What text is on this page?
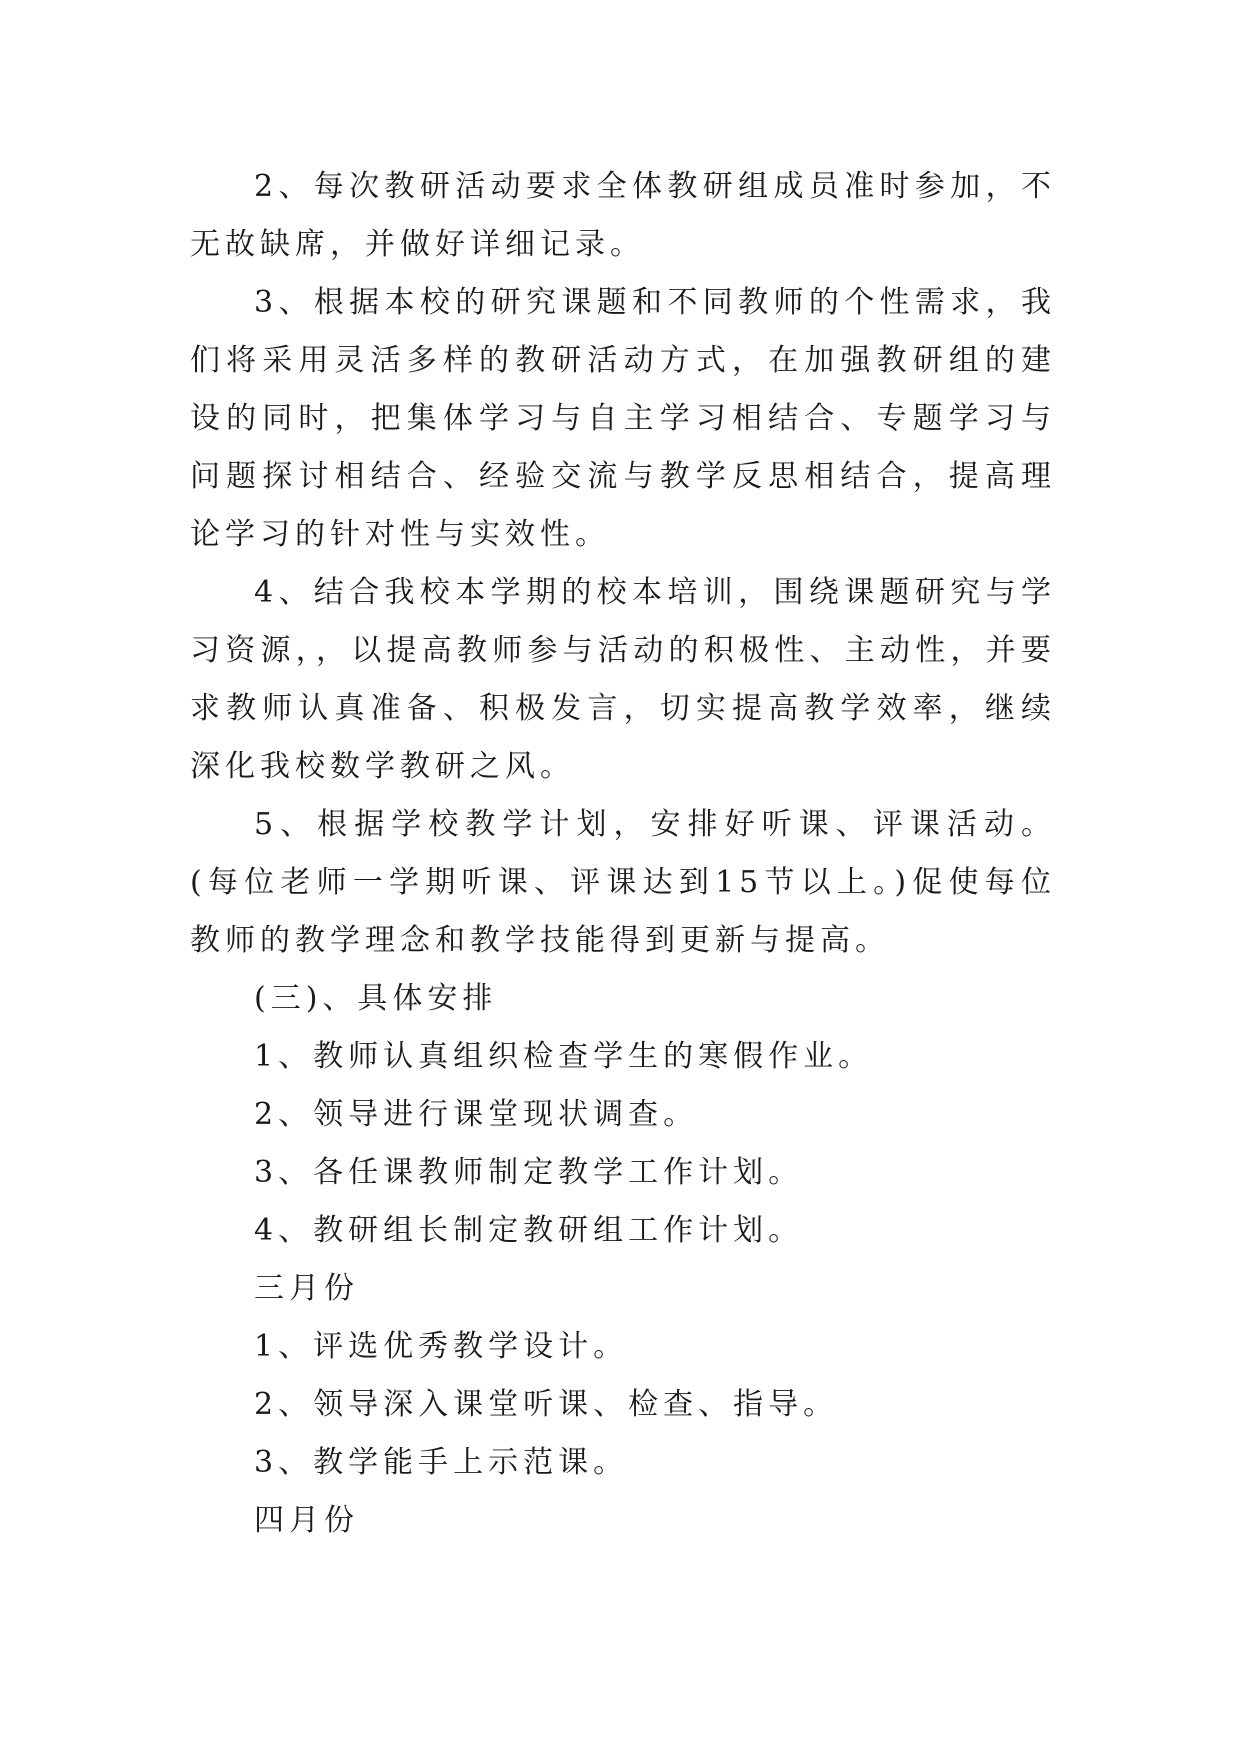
2、每次教研活动要求全体教研组成员准时参加，不无故缺席，并做好详细记录。

3、根据本校的研究课题和不同教师的个性需求，我们将采用灵活多样的教研活动方式，在加强教研组的建设的同时，把集体学习与自主学习相结合、专题学习与问题探讨相结合、经验交流与教学反思相结合，提高理论学习的针对性与实效性。

4、结合我校本学期的校本培训，围绕课题研究与学习资源，，以提高教师参与活动的积极性、主动性，并要求教师认真准备、积极发言，切实提高教学效率，继续深化我校数学教研之风。

5、根据学校教学计划，安排好听课、评课活动。(每位老师一学期听课、评课达到15节以上。)促使每位教师的教学理念和教学技能得到更新与提高。

(三)、具体安排

1、教师认真组织检查学生的寒假作业。

2、领导进行课堂现状调查。

3、各任课教师制定教学工作计划。

4、教研组长制定教研组工作计划。

三月份

1、评选优秀教学设计。

2、领导深入课堂听课、检查、指导。

3、教学能手上示范课。

四月份
